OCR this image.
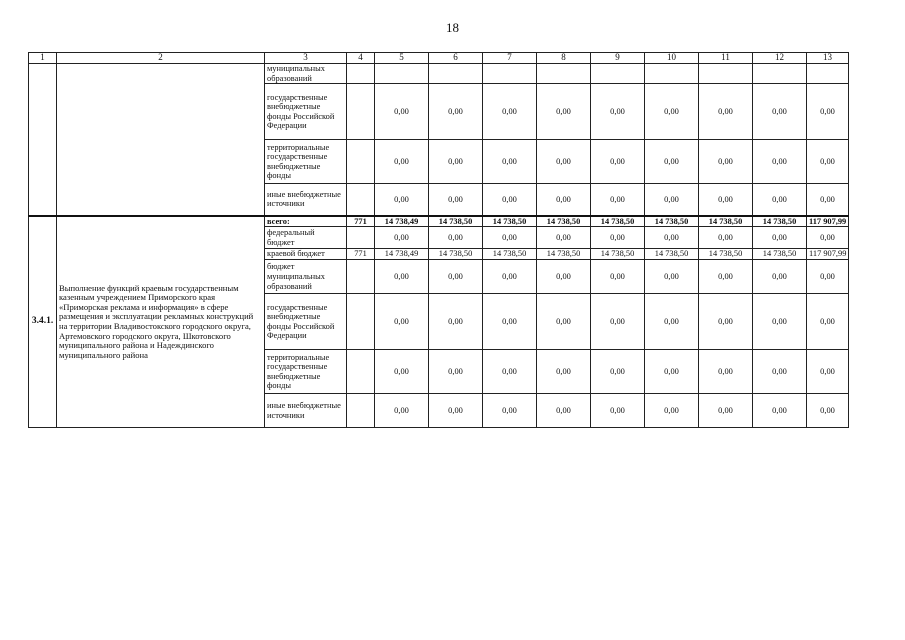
18
1	2	3	4	5	6	7	8	9	10	11	12	13
		муниципальных образований										
		государственные внебюджетные фонды Российской Федерации		0,00	0,00	0,00	0,00	0,00	0,00	0,00	0,00	0,00
		территориальные государственные внебюджетные фонды		0,00	0,00	0,00	0,00	0,00	0,00	0,00	0,00	0,00
		иные внебюджетные источники		0,00	0,00	0,00	0,00	0,00	0,00	0,00	0,00	0,00
3.4.1.	Выполнение функций краевым государственным казенным учреждением Приморского края «Приморская реклама и информация» в сфере размещения и эксплуатации рекламных конструкций на территории Владивостокского городского округа, Артемовского городского округа, Шкотовского муниципального района и Надеждинского муниципального района	всего:	771	14 738,49	14 738,50	14 738,50	14 738,50	14 738,50	14 738,50	14 738,50	14 738,50	117 907,99
		федеральный бюджет		0,00	0,00	0,00	0,00	0,00	0,00	0,00	0,00	0,00
		краевой бюджет	771	14 738,49	14 738,50	14 738,50	14 738,50	14 738,50	14 738,50	14 738,50	14 738,50	117 907,99
		бюджет муниципальных образований		0,00	0,00	0,00	0,00	0,00	0,00	0,00	0,00	0,00
		государственные внебюджетные фонды Российской Федерации		0,00	0,00	0,00	0,00	0,00	0,00	0,00	0,00	0,00
		территориальные государственные внебюджетные фонды		0,00	0,00	0,00	0,00	0,00	0,00	0,00	0,00	0,00
		иные внебюджетные источники		0,00	0,00	0,00	0,00	0,00	0,00	0,00	0,00	0,00
